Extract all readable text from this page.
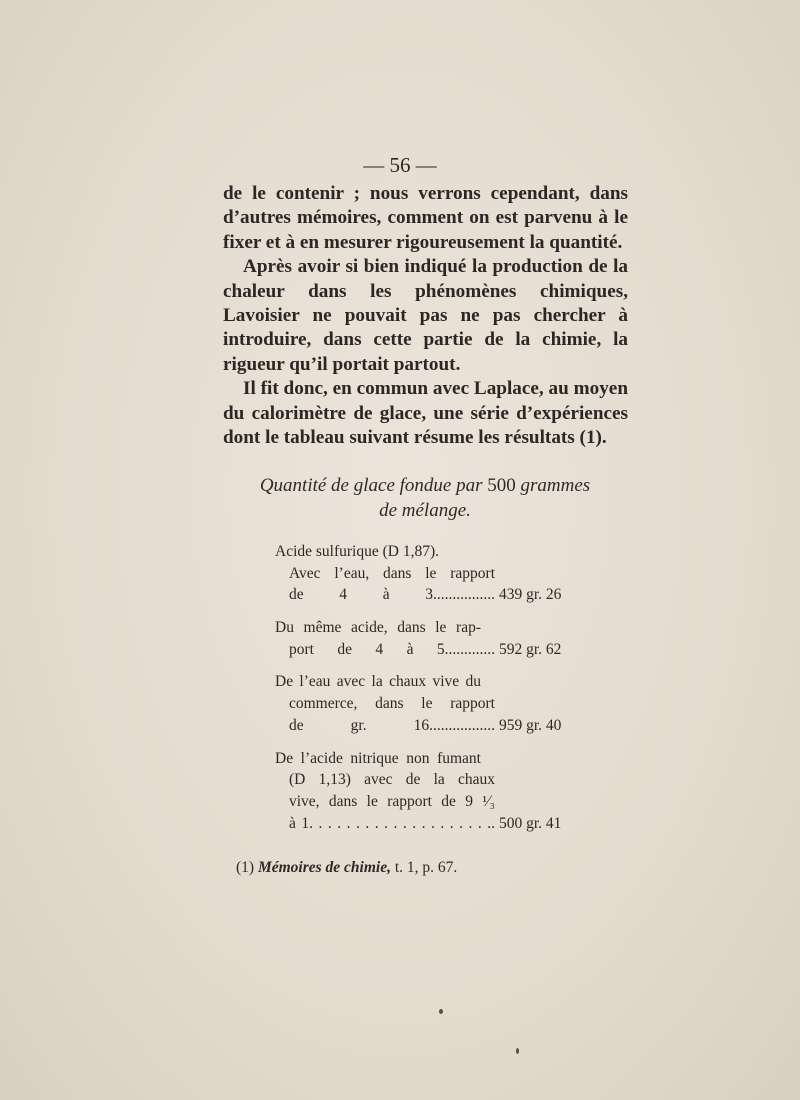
— 56 —

de le contenir ; nous verrons cependant, dans d’autres mémoires, comment on est parvenu à le fixer et à en mesurer rigoureusement la quantité.

Après avoir si bien indiqué la production de la chaleur dans les phénomènes chimiques, Lavoisier ne pouvait pas ne pas chercher à introduire, dans cette partie de la chimie, la rigueur qu’il portait partout.

Il fit donc, en commun avec Laplace, au moyen du calorimètre de glace, une série d’expériences dont le tableau suivant résume les résultats (1).

Quantité de glace fondue par 500 grammes
de mélange.
Acide sulfurique (D 1,87).
Avec l’eau, dans le rapport
de 4 à 3................ 439 gr. 26
Du même acide, dans le rap-
port de 4 à 5............. 592 gr. 62
De l’eau avec la chaux vive du
commerce, dans le rapport
de gr. 16................. 959 gr. 40
De l’acide nitrique non fumant
(D 1,13) avec de la chaux
vive, dans le rapport de 9 ¹⁄₃
à 1. . . . . . . . . . . . . . . . . . . .. 500 gr. 41
(1) Mémoires de chimie, t. 1, p. 67.
